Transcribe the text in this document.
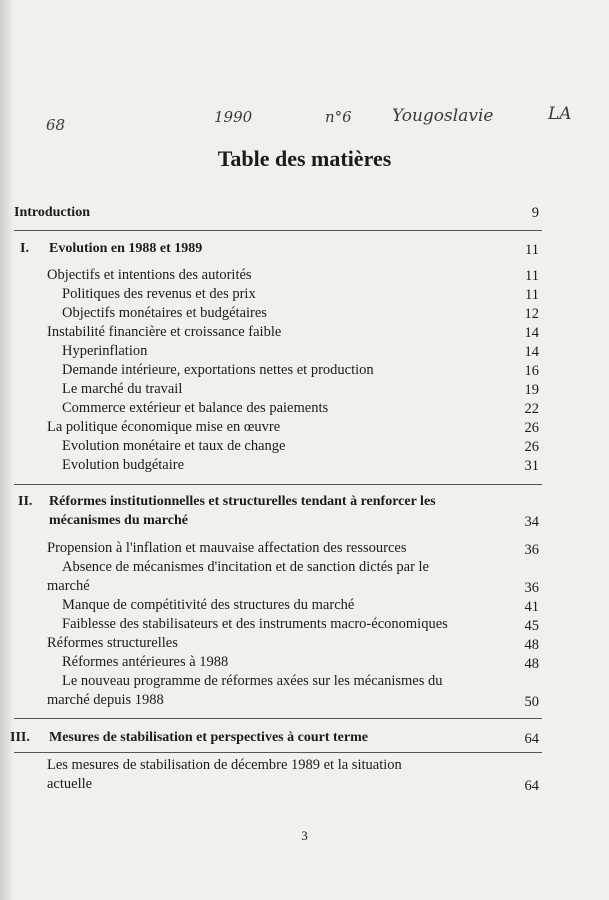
68	1990	n°6 Yougoslavie	LA
Table des matières
Introduction	9
I. Evolution en 1988 et 1989	11
Objectifs et intentions des autorités	11
Politiques des revenus et des prix	11
Objectifs monétaires et budgétaires	12
Instabilité financière et croissance faible	14
Hyperinflation	14
Demande intérieure, exportations nettes et production	16
Le marché du travail	19
Commerce extérieur et balance des paiements	22
La politique économique mise en œuvre	26
Evolution monétaire et taux de change	26
Evolution budgétaire	31
II. Réformes institutionnelles et structurelles tendant à renforcer les
mécanismes du marché	34
Propension à l'inflation et mauvaise affectation des ressources	36
Absence de mécanismes d'incitation et de sanction dictés par le
marché	36
Manque de compétitivité des structures du marché	41
Faiblesse des stabilisateurs et des instruments macro-économiques	45
Réformes structurelles	48
Réformes antérieures à 1988	48
Le nouveau programme de réformes axées sur les mécanismes du
marché depuis 1988	50
III. Mesures de stabilisation et perspectives à court terme	64
Les mesures de stabilisation de décembre 1989 et la situation
actuelle	64
3
